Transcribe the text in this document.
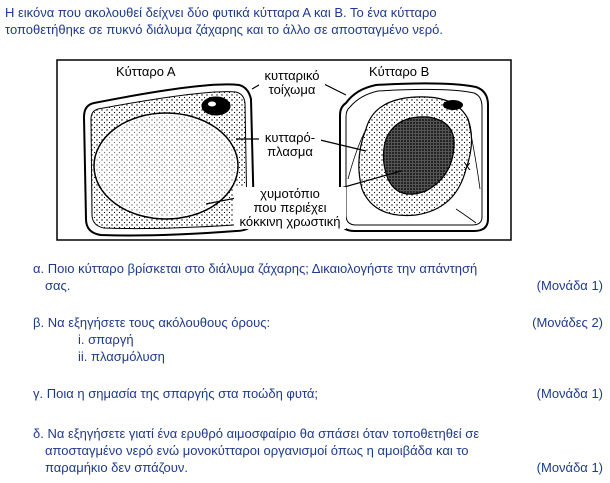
Η εικόνα που ακολουθεί δείχνει δύο φυτικά κύτταρα Α και Β. Το ένα κύτταρο
τοποθετήθηκε σε πυκνό διάλυμα ζάχαρης και το άλλο σε αποσταγμένο νερό.
Κύτταρο Α	Κύτταρο Β
κυτταρικό
τοίχωμα
κυτταρό-
πλασμα
χυμοτόπιο
που περιέχει
κόκκινη χρωστική
x
α. Ποιο κύτταρο βρίσκεται στο διάλυμα ζάχαρης; Δικαιολογήστε την απάντησή
σας.	(Μονάδα 1)
β. Να εξηγήσετε τους ακόλουθους όρους:	(Μονάδες 2)
i. σπαργή
ii. πλασμόλυση
γ. Ποια η σημασία της σπαργής στα ποώδη φυτά;	(Μονάδα 1)
δ. Να εξηγήσετε γιατί ένα ερυθρό αιμοσφαίριο θα σπάσει όταν τοποθετηθεί σε
αποσταγμένο νερό ενώ μονοκύτταροι οργανισμοί όπως η αμοιβάδα και το
παραμήκιο δεν σπάζουν.	(Μονάδα 1)
